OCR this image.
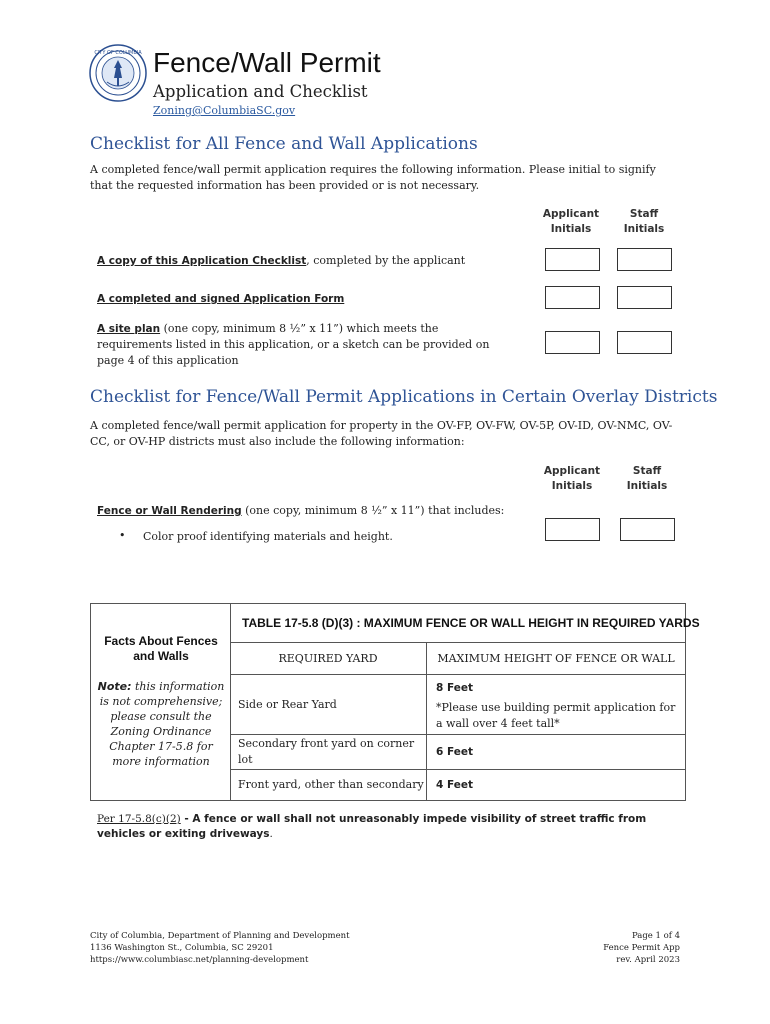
CITY OF COLUMBIA Fence/Wall Permit
Application and Checklist
Zoning@ColumbiaSC.gov
Checklist for All Fence and Wall Applications
A completed fence/wall permit application requires the following information. Please initial to signify that the requested information has been provided or is not necessary.
Applicant Initials
Staff Initials
A copy of this Application Checklist, completed by the applicant
A completed and signed Application Form
A site plan (one copy, minimum 8 ½” x 11”) which meets the requirements listed in this application, or a sketch can be provided on page 4 of this application
Checklist for Fence/Wall Permit Applications in Certain Overlay Districts
A completed fence/wall permit application for property in the OV-FP, OV-FW, OV-5P, OV-ID, OV-NMC, OV-CC, or OV-HP districts must also include the following information:
Applicant Initials
Staff Initials
Fence or Wall Rendering (one copy, minimum 8 ½” x 11”) that includes:
• Color proof identifying materials and height.
Facts About Fences and Walls
Note: this information is not comprehensive; please consult the Zoning Ordinance Chapter 17-5.8 for more information
TABLE 17-5.8 (D)(3) : MAXIMUM FENCE OR WALL HEIGHT IN REQUIRED YARDS
REQUIRED YARD	MAXIMUM HEIGHT OF FENCE OR WALL
Side or Rear Yard
8 Feet
*Please use building permit application for a wall over 4 feet tall*
Secondary front yard on corner lot
6 Feet
Front yard, other than secondary 4 Feet
Per 17-5.8(c)(2) - A fence or wall shall not unreasonably impede visibility of street traffic from vehicles or exiting driveways.
City of Columbia, Department of Planning and Development
1136 Washington St., Columbia, SC 29201
https://www.columbiasc.net/planning-development
Page 1 of 4
Fence Permit App
rev. April 2023
